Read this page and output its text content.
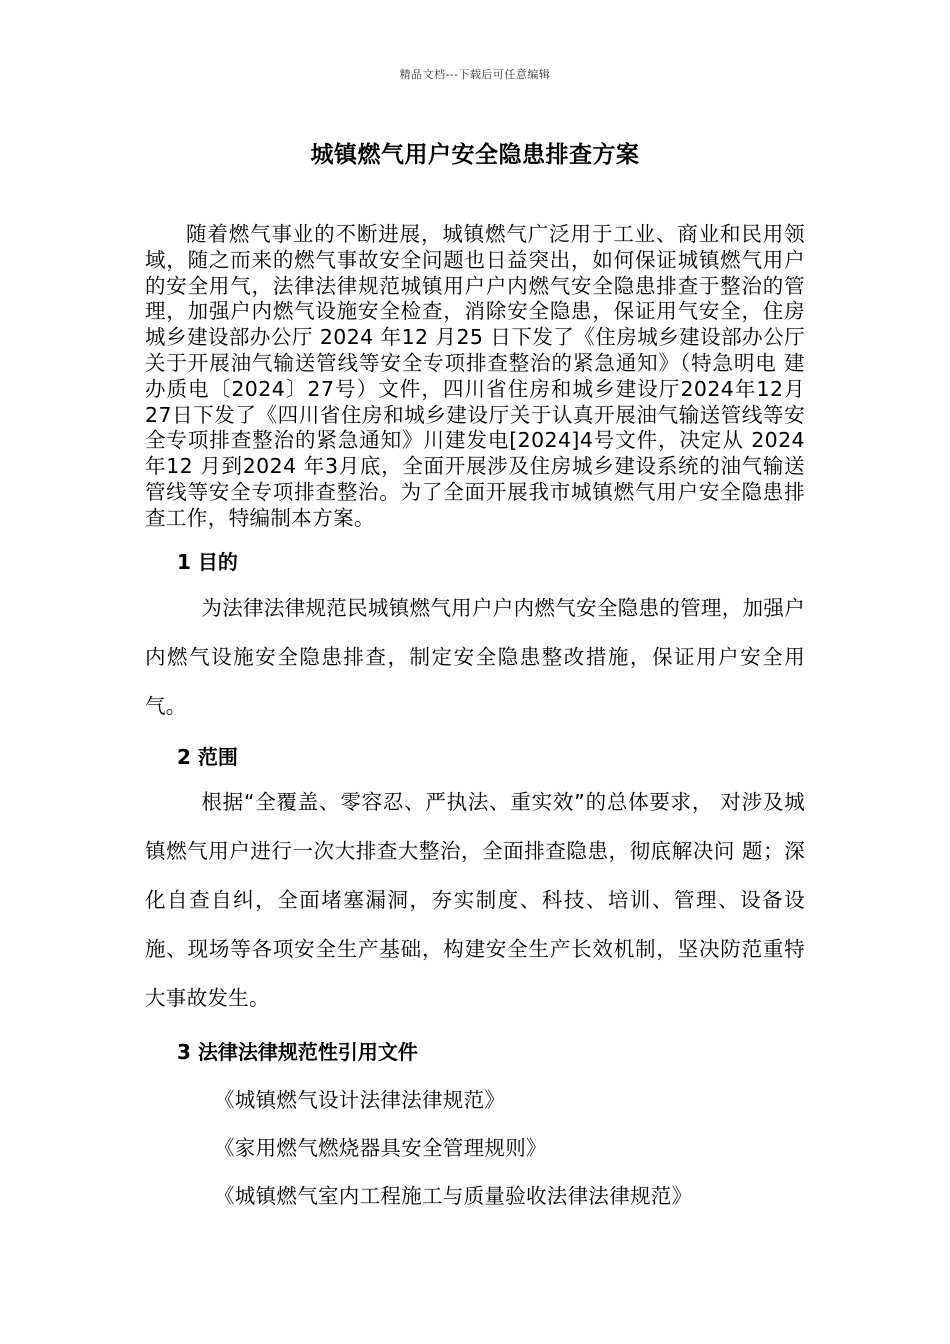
精品文档---下载后可任意编辑
城镇燃气用户安全隐患排查方案

随着燃气事业的不断进展，城镇燃气广泛用于工业、商业和民用领域，随之而来的燃气事故安全问题也日益突出，如何保证城镇燃气用户的安全用气，法律法律规范城镇用户户内燃气安全隐患排查于整治的管理，加强户内燃气设施安全检查，消除安全隐患，保证用气安全，住房城乡建设部办公厅 2024 年12 月25 日下发了《住房城乡建设部办公厅关于开展油气输送管线等安全专项排查整治的紧急通知》（特急明电 建办质电〔2024〕27号）文件，四川省住房和城乡建设厅2024年12月27日下发了《四川省住房和城乡建设厅关于认真开展油气输送管线等安全专项排查整治的紧急通知》川建发电[2024]4号文件，决定从 2024 年12 月到2024 年3月底，全面开展涉及住房城乡建设系统的油气输送管线等安全专项排查整治。为了全面开展我市城镇燃气用户安全隐患排查工作，特编制本方案。

1 目的

为法律法律规范民城镇燃气用户户内燃气安全隐患的管理，加强户内燃气设施安全隐患排查，制定安全隐患整改措施，保证用户安全用气。

2 范围

根据“全覆盖、零容忍、严执法、重实效”的总体要求， 对涉及城镇燃气用户进行一次大排查大整治，全面排查隐患，彻底解决问 题；深化自查自纠，全面堵塞漏洞，夯实制度、科技、培训、管理、设备设施、现场等各项安全生产基础，构建安全生产长效机制，坚决防范重特大事故发生。

3 法律法律规范性引用文件

《城镇燃气设计法律法律规范》

《家用燃气燃烧器具安全管理规则》

《城镇燃气室内工程施工与质量验收法律法律规范》
